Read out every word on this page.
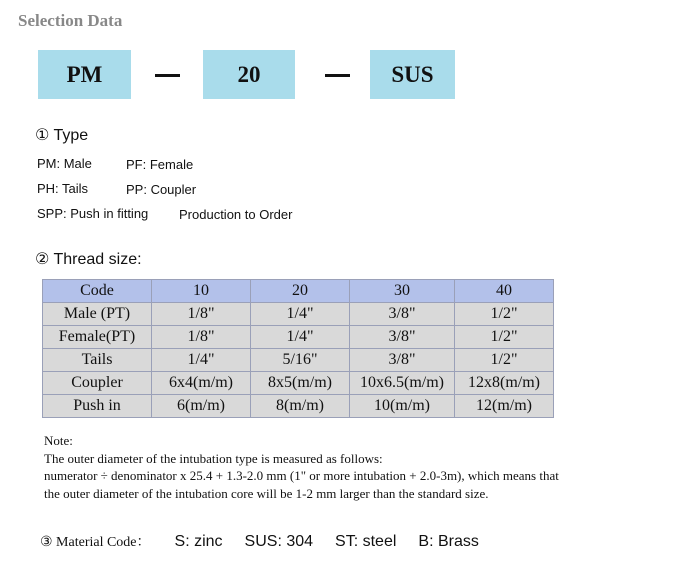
Selection Data
PM	20	SUS
① Type
PM: Male	PF: Female
PH: Tails	PP: Coupler
SPP: Push in fitting Production to Order
② Thread size:
Code	10	20	30	40
Male (PT)	1/8"	1/4"	3/8"	1/2"
Female(PT)	1/8"	1/4"	3/8"	1/2"
Tails	1/4"	5/16"	3/8"	1/2"
Coupler	6x4(m/m)	8x5(m/m)	10x6.5(m/m)	12x8(m/m)
Push in	6(m/m)	8(m/m)	10(m/m)	12(m/m)
Note:
The outer diameter of the intubation type is measured as follows:
numerator ÷ denominator x 25.4 + 1.3-2.0 mm (1" or more intubation + 2.0-3m), which means that
the outer diameter of the intubation core will be 1-2 mm larger than the standard size.
③ Material Code： S: zinc SUS: 304 ST: steel B: Brass
